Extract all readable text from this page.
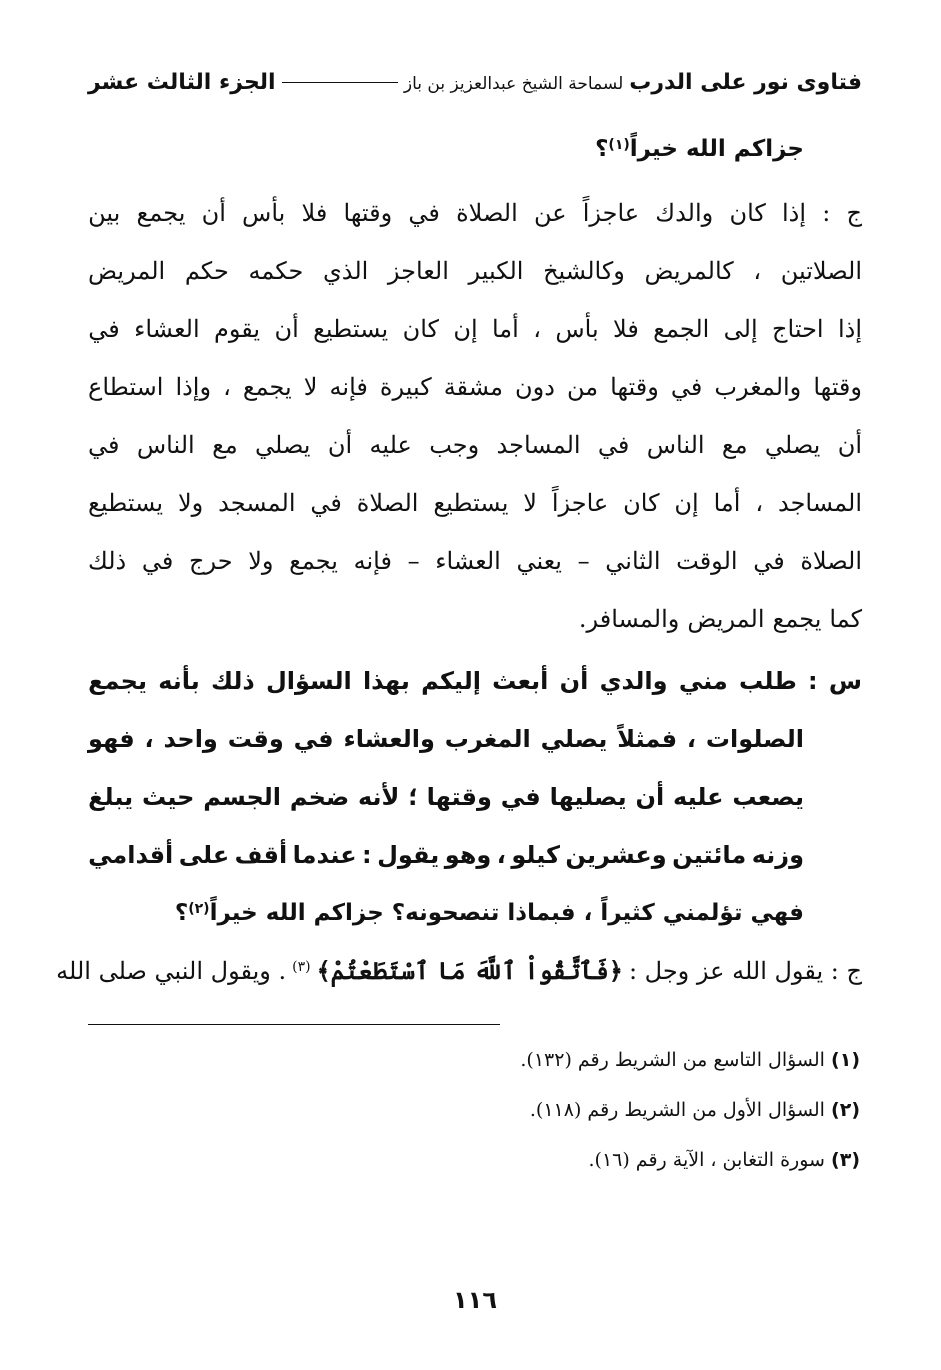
فتاوى نور على الدرب
لسماحة الشيخ عبدالعزيز بن باز
الجزء الثالث عشر
جزاكم الله خيراً
$^{(١)}$
؟
ج
:
إذا
كان
والدك
عاجزاً
عن
الصلاة
في
وقتها
فلا
بأس
أن
يجمع
بين
الصلاتين
،
كالمريض
وكالشيخ
الكبير
العاجز
الذي
حكمه
حكم
المريض
إذا
احتاج
إلى
الجمع
فلا
بأس
،
أما
إن
كان
يستطيع
أن
يقوم
العشاء
في
وقتها
والمغرب
في
وقتها
من
دون
مشقة
كبيرة
فإنه
لا
يجمع
،
وإذا
استطاع
أن
يصلي
مع
الناس
في
المساجد
وجب
عليه
أن
يصلي
مع
الناس
في
المساجد
،
أما
إن
كان
عاجزاً
لا
يستطيع
الصلاة
في
المسجد
ولا
يستطيع
الصلاة
في
الوقت
الثاني
–
يعني
العشاء
–
فإنه
يجمع
ولا
حرج
في
ذلك
كما
يجمع
المريض
والمسافر.
س
:
طلب
مني
والدي
أن
أبعث
إليكم
بهذا
السؤال
ذلك
بأنه
يجمع
الصلوات
،
فمثلاً
يصلي
المغرب
والعشاء
في
وقت
واحد
،
فهو
يصعب
عليه
أن
يصليها
في
وقتها
؛
لأنه
ضخم
الجسم
حيث
يبلغ
وزنه
مائتين
وعشرين
كيلو
،
وهو
يقول
:
عندما
أقف
على
أقدامي
فهي تؤلمني كثيراً ، فبماذا تنصحونه؟ جزاكم الله خيراً
$^{(٢)}$
؟
ج : يقول الله عز وجل :
﴿فَٱتَّقُواْ ٱللَّهَ مَا ٱسْتَطَعْتُمْ﴾
$^{(٣)}$
. ويقول النبي صلى الله
(١) السؤال التاسع من الشريط رقم (١٣٢).
(٢) السؤال الأول من الشريط رقم (١١٨).
(٣) سورة التغابن ، الآية رقم (١٦).
١١٦
